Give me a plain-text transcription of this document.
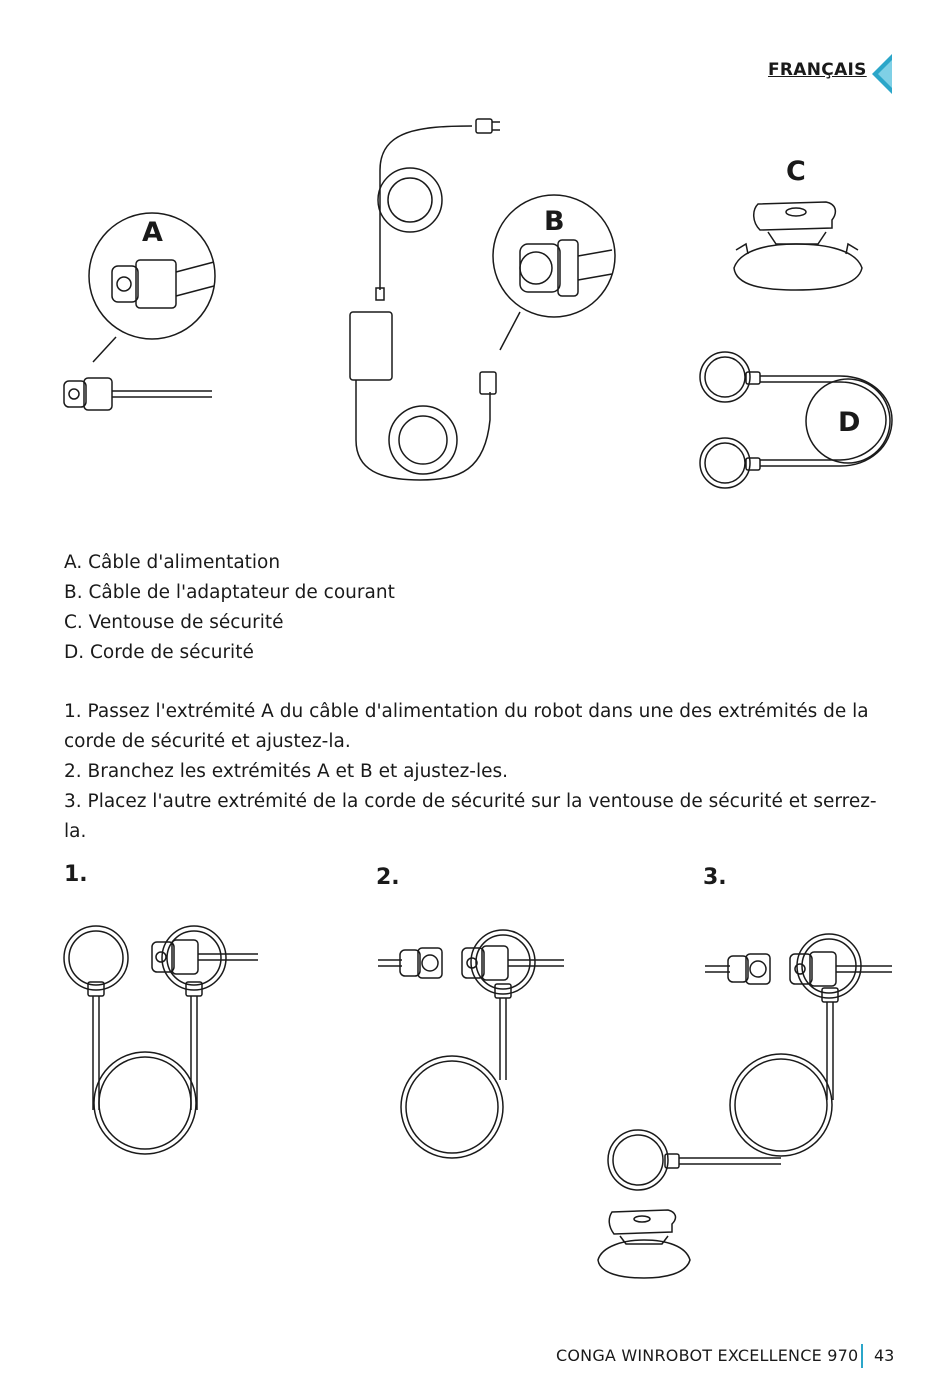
FRANÇAIS
A	B
C
D
A. Câble d'alimentation
B. Câble de l'adaptateur de courant
C. Ventouse de sécurité
D. Corde de sécurité

1. Passez l'extrémité A du câble d'alimentation du robot dans une des extrémités de la corde de sécurité et ajustez-la.

2. Branchez les extrémités A et B et ajustez-les.

3. Placez l'autre extrémité de la corde de sécurité sur la ventouse de sécurité et serrez-la.

1.	2.	3.
CONGA WINROBOT EXCELLENCE 970 43
